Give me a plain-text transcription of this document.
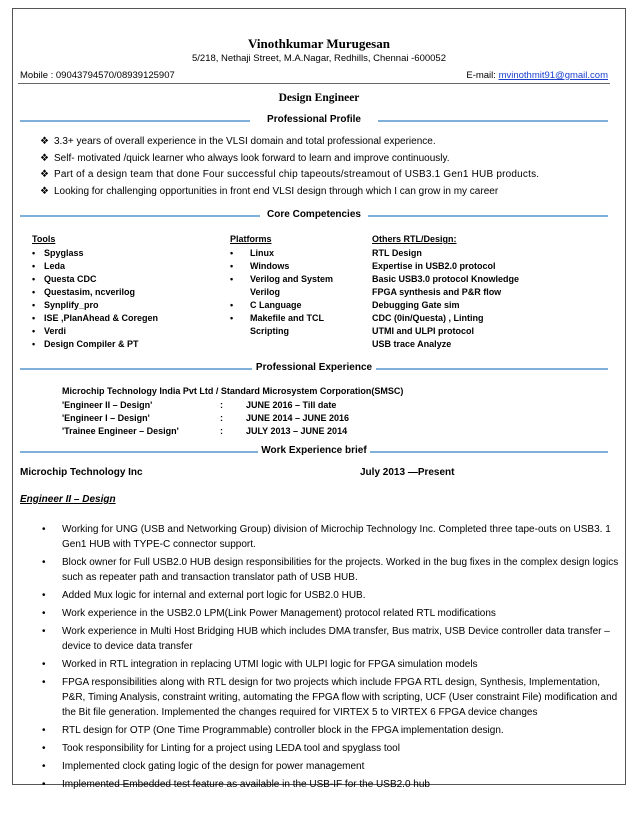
Vinothkumar Murugesan
5/218, Nethaji Street, M.A.Nagar, Redhills, Chennai -600052
Mobile : 09043794570/08939125907	E-mail: mvinothmit91@gmail.com
Design Engineer
Professional Profile
❖ 3.3+ years of overall experience in the VLSI domain and total professional experience.
❖ Self- motivated /quick learner who always look forward to learn and improve continuously.
❖ Part of a design team that done Four successful chip tapeouts/streamout of USB3.1 Gen1 HUB products.
❖ Looking for challenging opportunities in front end VLSI design through which I can grow in my career
Core Competencies
Tools
• Spyglass
• Leda
• Questa CDC
• Questasim, ncverilog
• Synplify_pro
• ISE ,PlanAhead & Coregen
• Verdi
• Design Compiler & PT
Platforms
• Linux
• Windows
• Verilog and System
Verilog
• C Language
• Makefile and TCL
Scripting
Others RTL/Design:
RTL Design
Expertise in USB2.0 protocol
Basic USB3.0 protocol Knowledge
FPGA synthesis and P&R flow
Debugging Gate sim
CDC (0in/Questa) , Linting
UTMI and ULPI protocol
USB trace Analyze
Professional Experience
Microchip Technology India Pvt Ltd / Standard Microsystem Corporation(SMSC)
'Engineer II – Design'	:	JUNE 2016 – Till date
'Engineer I – Design'	:	JUNE 2014 – JUNE 2016
'Trainee Engineer – Design'	:	JULY 2013 – JUNE 2014
Work Experience brief
Microchip Technology Inc	July 2013 —Present
Engineer II – Design
• Working for UNG (USB and Networking Group) division of Microchip Technology Inc. Completed three tape-outs on USB3. 1 Gen1 HUB with TYPE-C connector support.
• Block owner for Full USB2.0 HUB design responsibilities for the projects. Worked in the bug fixes in the complex design logics such as repeater path and transaction translator path of USB HUB.
• Added Mux logic for internal and external port logic for USB2.0 HUB.
• Work experience in the USB2.0 LPM(Link Power Management) protocol related RTL modifications
• Work experience in Multi Host Bridging HUB which includes DMA transfer, Bus matrix, USB Device controller data transfer – device to device data transfer
• Worked in RTL integration in replacing UTMI logic with ULPI logic for FPGA simulation models
• FPGA responsibilities along with RTL design for two projects which include FPGA RTL design, Synthesis, Implementation, P&R, Timing Analysis, constraint writing, automating the FPGA flow with scripting, UCF (User constraint File) modification and the Bit file generation. Implemented the changes required for VIRTEX 5 to VIRTEX 6 FPGA device changes
• RTL design for OTP (One Time Programmable) controller block in the FPGA implementation design.
• Took responsibility for Linting for a project using LEDA tool and spyglass tool
• Implemented clock gating logic of the design for power management
• Implemented Embedded test feature as available in the USB-IF for the USB2.0 hub
